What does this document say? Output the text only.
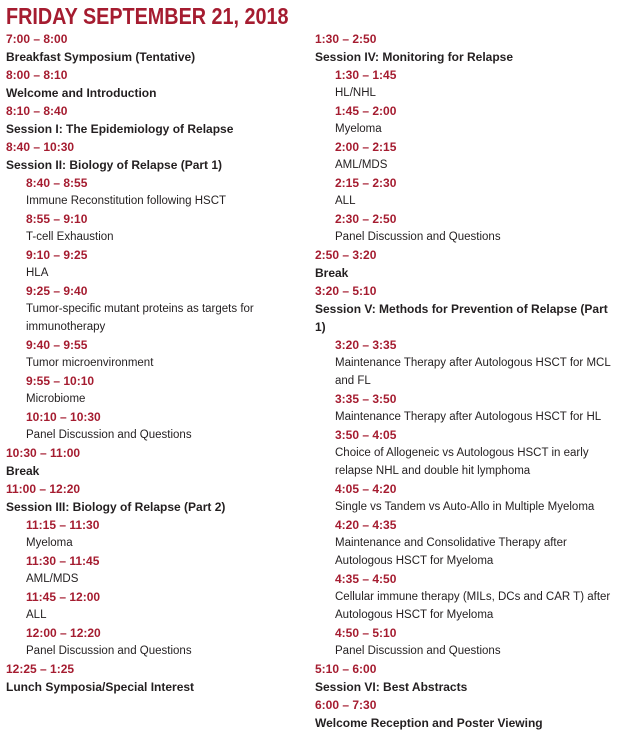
FRIDAY SEPTEMBER 21, 2018
7:00 – 8:00
Breakfast Symposium (Tentative)
8:00 – 8:10
Welcome and Introduction
8:10 – 8:40
Session I: The Epidemiology of Relapse
8:40 – 10:30
Session II: Biology of Relapse (Part 1)
8:40 – 8:55
Immune Reconstitution following HSCT
8:55 – 9:10
T-cell Exhaustion
9:10 – 9:25
HLA
9:25 – 9:40
Tumor-specific mutant proteins as targets for immunotherapy
9:40 – 9:55
Tumor microenvironment
9:55 – 10:10
Microbiome
10:10 – 10:30
Panel Discussion and Questions
10:30 – 11:00
Break
11:00 – 12:20
Session III: Biology of Relapse (Part 2)
11:15 – 11:30
Myeloma
11:30 – 11:45
AML/MDS
11:45 – 12:00
ALL
12:00 – 12:20
Panel Discussion and Questions
12:25 – 1:25
Lunch Symposia/Special Interest
1:30 – 2:50
Session IV: Monitoring for Relapse
1:30 – 1:45
HL/NHL
1:45 – 2:00
Myeloma
2:00 – 2:15
AML/MDS
2:15 – 2:30
ALL
2:30 – 2:50
Panel Discussion and Questions
2:50 – 3:20
Break
3:20 – 5:10
Session V: Methods for Prevention of Relapse (Part 1)
3:20 – 3:35
Maintenance Therapy after Autologous HSCT for MCL and FL
3:35 – 3:50
Maintenance Therapy after Autologous HSCT for HL
3:50 – 4:05
Choice of Allogeneic vs Autologous HSCT in early relapse NHL and double hit lymphoma
4:05 – 4:20
Single vs Tandem vs Auto-Allo in Multiple Myeloma
4:20 – 4:35
Maintenance and Consolidative Therapy after Autologous HSCT for Myeloma
4:35 – 4:50
Cellular immune therapy (MILs, DCs and CAR T) after Autologous HSCT for Myeloma
4:50 – 5:10
Panel Discussion and Questions
5:10 – 6:00
Session VI: Best Abstracts
6:00 – 7:30
Welcome Reception and Poster Viewing
